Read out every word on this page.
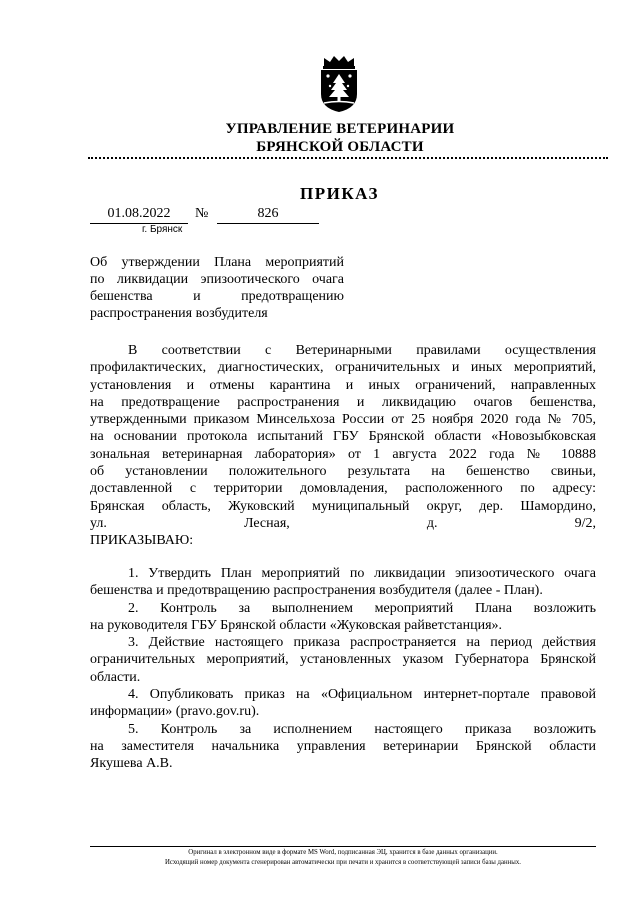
УПРАВЛЕНИЕ ВЕТЕРИНАРИИ
БРЯНСКОЙ ОБЛАСТИ
ПРИКАЗ
01.08.2022	№	826
г. Брянск
Об утверждении Плана мероприятий
по ликвидации эпизоотического очага
бешенства и предотвращению
распространения возбудителя
В соответствии с Ветеринарными правилами осуществления
профилактических, диагностических, ограничительных и иных мероприятий,
установления и отмены карантина и иных ограничений, направленных
на предотвращение распространения и ликвидацию очагов бешенства,
утвержденными приказом Минсельхоза России от 25 ноября 2020 года № 705,
на основании протокола испытаний ГБУ Брянской области «Новозыбковская
зональная ветеринарная лаборатория» от 1 августа 2022 года № 10888
об установлении положительного результата на бешенство свиньи,
доставленной с территории домовладения, расположенного по адресу:
Брянская область, Жуковский муниципальный округ, дер. Шамордино,
ул. Лесная, д. 9/2,
ПРИКАЗЫВАЮ:
1. Утвердить План мероприятий по ликвидации эпизоотического очага
бешенства и предотвращению распространения возбудителя (далее - План).
2. Контроль за выполнением мероприятий Плана возложить
на руководителя ГБУ Брянской области «Жуковская райветстанция».
3. Действие настоящего приказа распространяется на период действия
ограничительных мероприятий, установленных указом Губернатора Брянской
области.
4. Опубликовать приказ на «Официальном интернет-портале правовой
информации» (pravo.gov.ru).
5. Контроль за исполнением настоящего приказа возложить
на заместителя начальника управления ветеринарии Брянской области
Якушева А.В.
Оригинал в электронном виде в формате MS Word, подписанная ЭЦ, хранится в базе данных организации.
Исходящий номер документа сгенерирован автоматически при печати и хранится в соответствующей записи базы данных.
